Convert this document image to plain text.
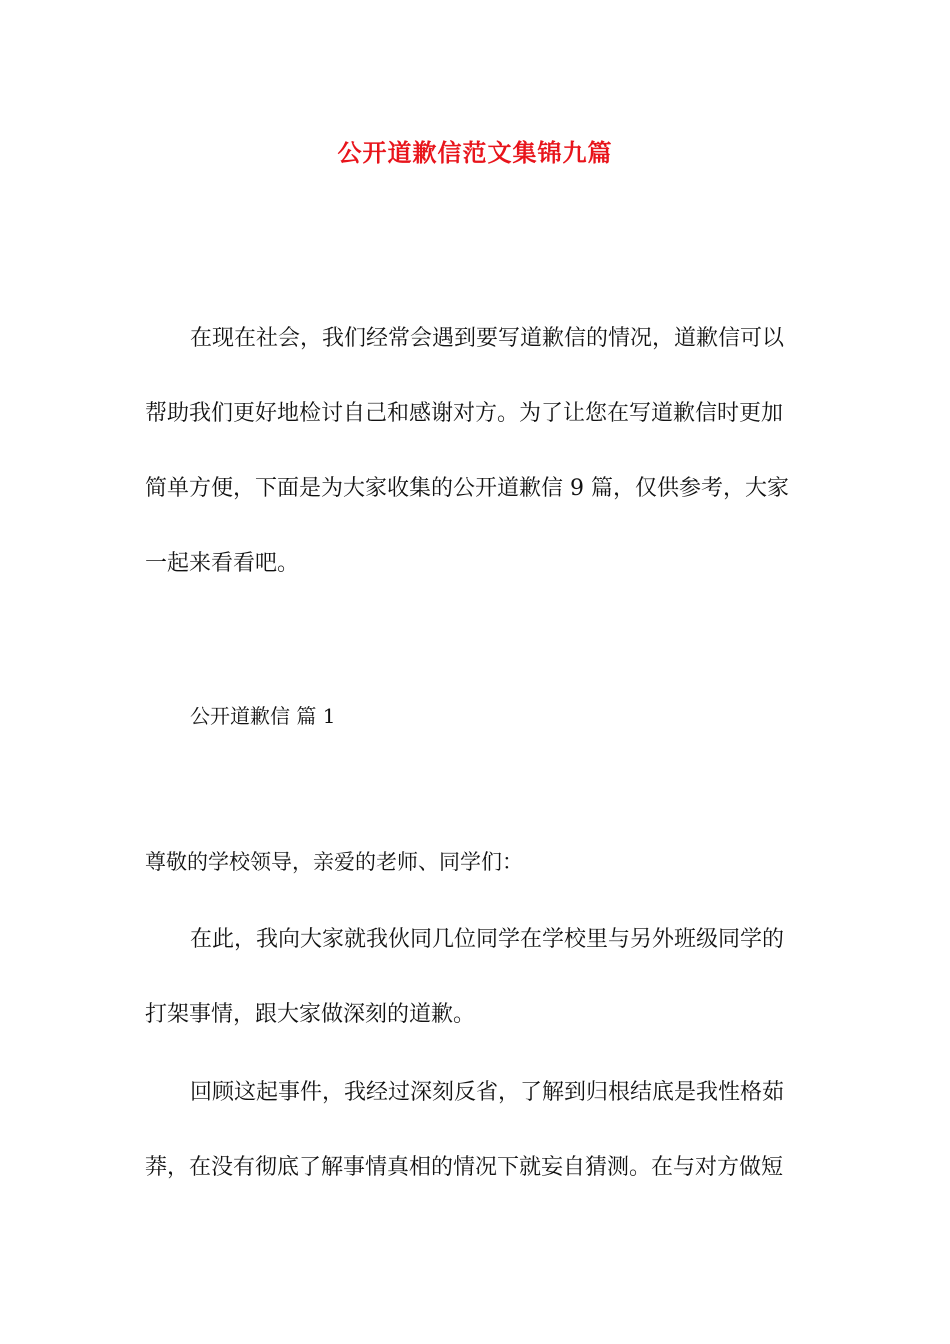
公开道歉信范文集锦九篇
在现在社会，我们经常会遇到要写道歉信的情况，道歉信可以
帮助我们更好地检讨自己和感谢对方。为了让您在写道歉信时更加
简单方便，下面是为大家收集的公开道歉信 9 篇，仅供参考，大家
一起来看看吧。
公开道歉信 篇 1
尊敬的学校领导，亲爱的老师、同学们：
在此，我向大家就我伙同几位同学在学校里与另外班级同学的
打架事情，跟大家做深刻的道歉。
回顾这起事件，我经过深刻反省，了解到归根结底是我性格茹
莽，在没有彻底了解事情真相的情况下就妄自猜测。在与对方做短
